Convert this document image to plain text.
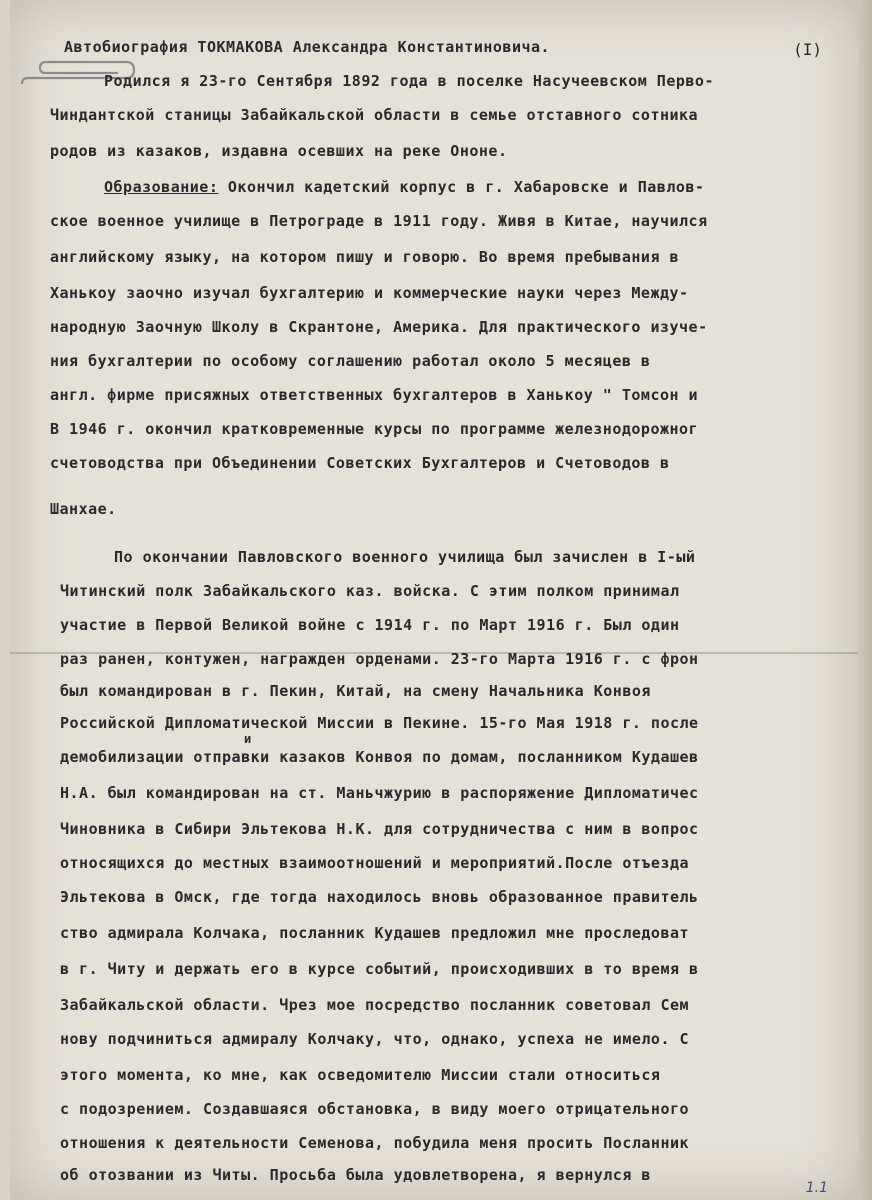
Автобиография ТОКМАКОВА Александра Константиновича.	(I)
Родился я 23-го Сентября 1892 года в поселке Насучеевском Перво-
Чиндантской станицы Забайкальской области в семье отставного сотника
родов из казаков, издавна осевших на реке Ононе.
Образование: Окончил кадетский корпус в г. Хабаровске и Павлов-
ское военное училище в Петрограде в 1911 году. Живя в Китае, научился
английскому языку, на котором пишу и говорю. Во время пребывания в
Ханькоу заочно изучал бухгалтерию и коммерческие науки через Между-
народную Заочную Школу в Скрантоне, Америка. Для практического изуче-
ния бухгалтерии по особому соглашению работал около 5 месяцев в
англ. фирме присяжных ответственных бухгалтеров в Ханькоу " Томсон и
В 1946 г. окончил кратковременные курсы по программе железнодорожног
счетоводства при Объединении Советских Бухгалтеров и Счетоводов в
Шанхае.
По окончании Павловского военного училища был зачислен в I-ый
Читинский полк Забайкальского каз. войска. С этим полком принимал
участие в Первой Великой войне с 1914 г. по Март 1916 г. Был один
раз ранен, контужен, награжден орденами. 23-го Марта 1916 г. с фрон
был командирован в г. Пекин, Китай, на смену Начальника Конвоя
Российской Дипломатической Миссии в Пекине. 15-го Мая 1918 г. после
и
демобилизации отправки казаков Конвоя по домам, посланником Кудашев
Н.А. был командирован на ст. Маньчжурию в распоряжение Дипломатичес
Чиновника в Сибири Эльтекова Н.К. для сотрудничества с ним в вопрос
относящихся до местных взаимоотношений и мероприятий.После отъезда
Эльтекова в Омск, где тогда находилось вновь образованное правитель
ство адмирала Колчака, посланник Кудашев предложил мне проследоват
в г. Читу и держать его в курсе событий, происходивших в то время в
Забайкальской области. Чрез мое посредство посланник советовал Сем
нову подчиниться адмиралу Колчаку, что, однако, успеха не имело. С
этого момента, ко мне, как осведомителю Миссии стали относиться
с подозрением. Создавшаяся обстановка, в виду моего отрицательного
отношения к деятельности Семенова, побудила меня просить Посланник
об отозвании из Читы. Просьба была удовлетворена, я вернулся в
1.1
